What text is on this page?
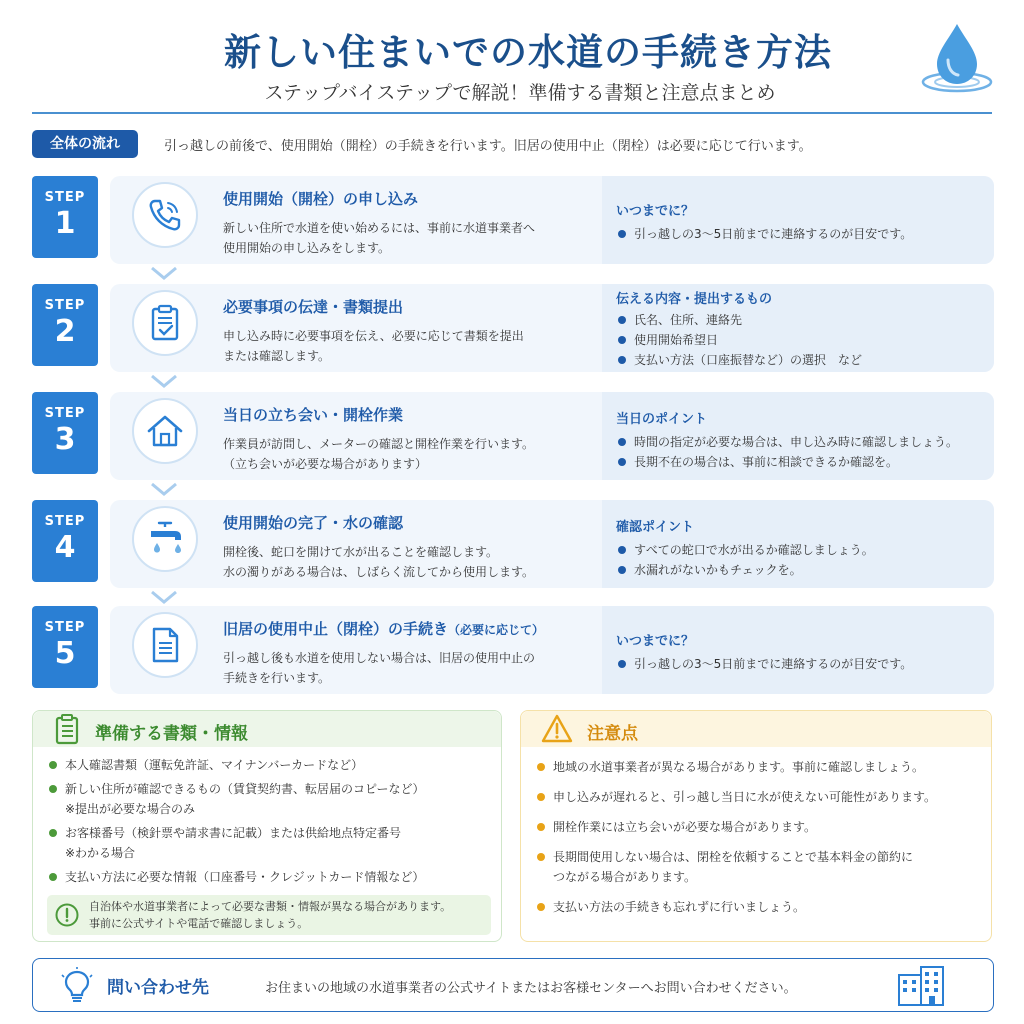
新しい住まいでの水道の手続き方法
ステップバイステップで解説！準備する書類と注意点まとめ
全体の流れ	引っ越しの前後で、使用開始（開栓）の手続きを行います。旧居の使用中止（閉栓）は必要に応じて行います。
STEP
1
使用開始（開栓）の申し込み
新しい住所で水道を使い始めるには、事前に水道事業者へ
使用開始の申し込みをします。
いつまでに？
引っ越しの3〜5日前までに連絡するのが目安です。
STEP
2
必要事項の伝達・書類提出
申し込み時に必要事項を伝え、必要に応じて書類を提出
または確認します。
伝える内容・提出するもの
氏名、住所、連絡先
使用開始希望日
支払い方法（口座振替など）の選択　など
STEP
3
当日の立ち会い・開栓作業
作業員が訪問し、メーターの確認と開栓作業を行います。
（立ち会いが必要な場合があります）
当日のポイント
時間の指定が必要な場合は、申し込み時に確認しましょう。
長期不在の場合は、事前に相談できるか確認を。
STEP
4
使用開始の完了・水の確認
開栓後、蛇口を開けて水が出ることを確認します。
水の濁りがある場合は、しばらく流してから使用します。
確認ポイント
すべての蛇口で水が出るか確認しましょう。
水漏れがないかもチェックを。
STEP
5
旧居の使用中止（閉栓）の手続き（必要に応じて）
引っ越し後も水道を使用しない場合は、旧居の使用中止の
手続きを行います。
いつまでに？
引っ越しの3〜5日前までに連絡するのが目安です。
準備する書類・情報
本人確認書類（運転免許証、マイナンバーカードなど）
新しい住所が確認できるもの（賃貸契約書、転居届のコピーなど）
※提出が必要な場合のみ
お客様番号（検針票や請求書に記載）または供給地点特定番号
※わかる場合
支払い方法に必要な情報（口座番号・クレジットカード情報など）
自治体や水道事業者によって必要な書類・情報が異なる場合があります。
事前に公式サイトや電話で確認しましょう。
注意点
地域の水道事業者が異なる場合があります。事前に確認しましょう。
申し込みが遅れると、引っ越し当日に水が使えない可能性があります。
開栓作業には立ち会いが必要な場合があります。
長期間使用しない場合は、閉栓を依頼することで基本料金の節約に
つながる場合があります。
支払い方法の手続きも忘れずに行いましょう。
問い合わせ先	お住まいの地域の水道事業者の公式サイトまたはお客様センターへお問い合わせください。
